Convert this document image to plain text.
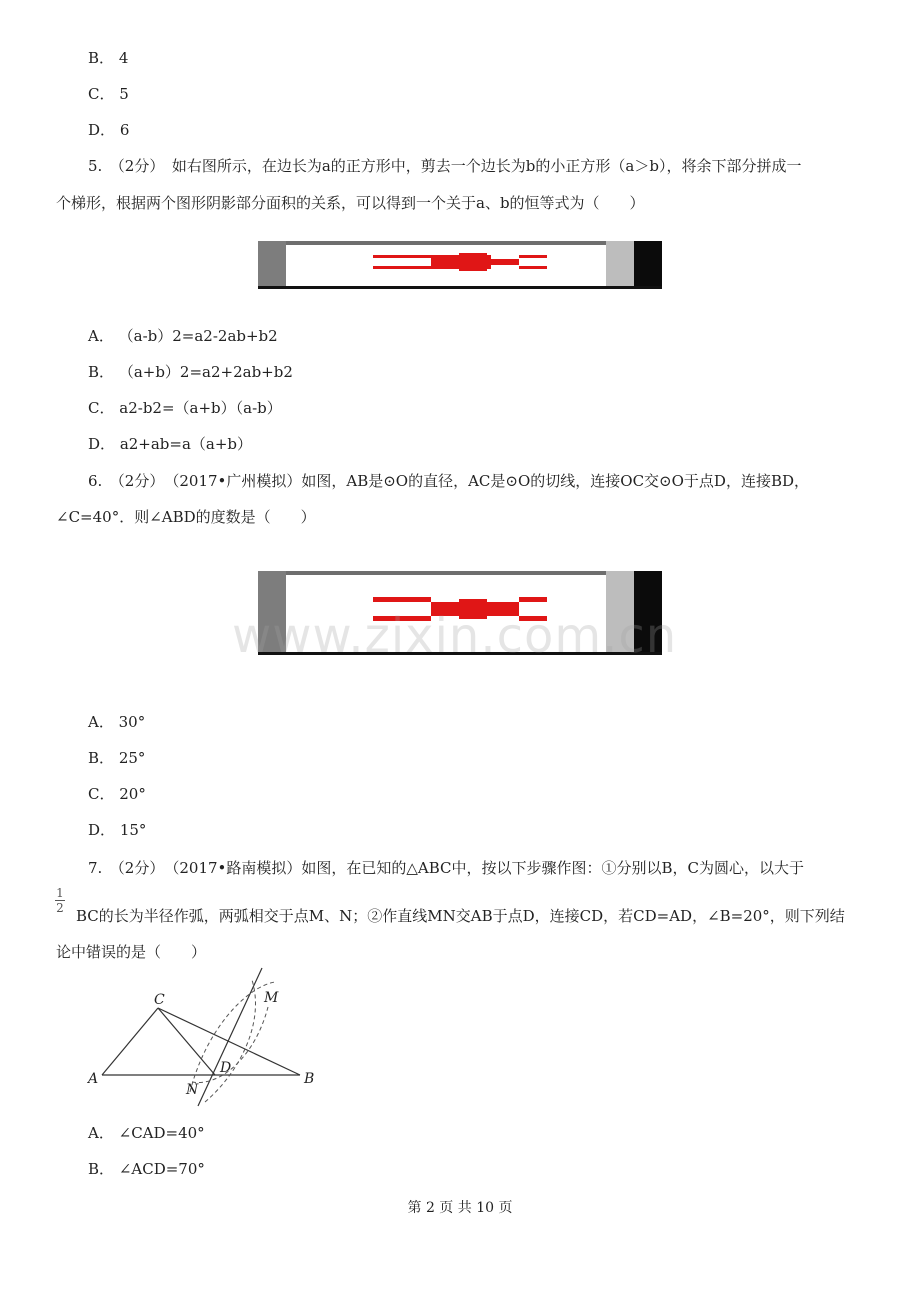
B． 4
C． 5
D． 6
5.　（2分）　如右图所示，在边长为a的正方形中，剪去一个边长为b的小正方形（a＞b），将余下部分拼成一
个梯形，根据两个图形阴影部分面积的关系，可以得到一个关于a、b的恒等式为（　　）
A． （a-b）2=a2-2ab+b2
B． （a+b）2=a2+2ab+b2
C． a2-b2=（a+b）（a-b）
D． a2+ab=a（a+b）
6.　（2分）　（2017•广州模拟）如图，AB是⊙O的直径，AC是⊙O的切线，连接OC交⊙O于点D，连接BD，
∠C=40°．则∠ABD的度数是（　　）
www.zixin.com.cn
A． 30°
B． 25°
C． 20°
D． 15°
7.　（2分）　（2017•路南模拟）如图，在已知的△ABC中，按以下步骤作图：①分别以B，C为圆心，以大于
1
2 BC的长为半径作弧，两弧相交于点M、N；②作直线MN交AB于点D，连接CD，若CD=AD，∠B=20°，则下列结
论中错误的是（　　）
C
A	B
D
M
N
A． ∠CAD=40°
B． ∠ACD=70°
第 2 页 共 10 页
